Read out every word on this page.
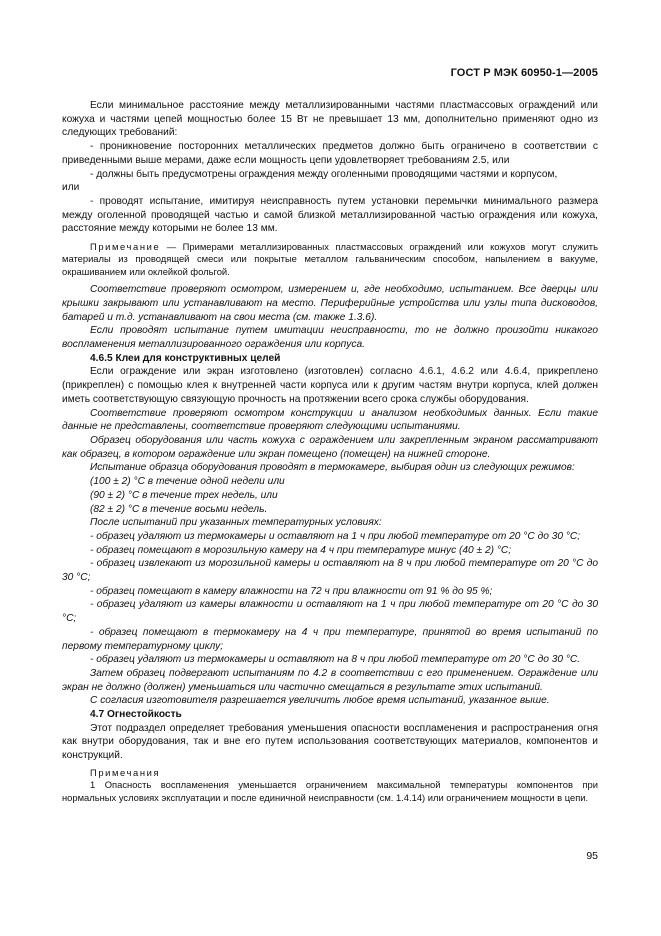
ГОСТ Р МЭК 60950-1—2005

Если минимальное расстояние между металлизированными частями пластмассовых ограждений или кожуха и частями цепей мощностью более 15 Вт не превышает 13 мм, дополнительно применяют одно из следующих требований:

- проникновение посторонних металлических предметов должно быть ограничено в соответствии с приведенными выше мерами, даже если мощность цепи удовлетворяет требованиям 2.5, или

- должны быть предусмотрены ограждения между оголенными проводящими частями и корпусом,

или

- проводят испытание, имитируя неисправность путем установки перемычки минимального размера между оголенной проводящей частью и самой близкой металлизированной частью ограждения или кожуха, расстояние между которыми не более 13 мм.

Примечание — Примерами металлизированных пластмассовых ограждений или кожухов могут служить материалы из проводящей смеси или покрытые металлом гальваническим способом, напылением в вакууме, окрашиванием или оклейкой фольгой.

Соответствие проверяют осмотром, измерением и, где необходимо, испытанием. Все дверцы или крышки закрывают или устанавливают на место. Периферийные устройства или узлы типа дисководов, батарей и т.д. устанавливают на свои места (см. также 1.3.6).

Если проводят испытание путем имитации неисправности, то не должно произойти никакого воспламенения металлизированного ограждения или корпуса.

4.6.5 Клеи для конструктивных целей

Если ограждение или экран изготовлено (изготовлен) согласно 4.6.1, 4.6.2 или 4.6.4, прикреплено (прикреплен) с помощью клея к внутренней части корпуса или к другим частям внутри корпуса, клей должен иметь соответствующую связующую прочность на протяжении всего срока службы оборудования.

Соответствие проверяют осмотром конструкции и анализом необходимых данных. Если такие данные не представлены, соответствие проверяют следующими испытаниями.

Образец оборудования или часть кожуха с ограждением или закрепленным экраном рассматривают как образец, в котором ограждение или экран помещено (помещен) на нижней стороне.

Испытание образца оборудования проводят в термокамере, выбирая один из следующих режимов:

(100 ± 2) °С в течение одной недели или

(90 ± 2) °С в течение трех недель, или

(82 ± 2) °С в течение восьми недель.

После испытаний при указанных температурных условиях:

- образец удаляют из термокамеры и оставляют на 1 ч при любой температуре от 20 °С до 30 °С;

- образец помещают в морозильную камеру на 4 ч при температуре минус (40 ± 2) °С;

- образец извлекают из морозильной камеры и оставляют на 8 ч при любой температуре от 20 °С до 30 °С;

- образец помещают в камеру влажности на 72 ч при влажности от 91 % до 95 %;

- образец удаляют из камеры влажности и оставляют на 1 ч при любой температуре от 20 °С до 30 °С;

- образец помещают в термокамеру на 4 ч при температуре, принятой во время испытаний по первому температурному циклу;

- образец удаляют из термокамеры и оставляют на 8 ч при любой температуре от 20 °С до 30 °С.

Затем образец подвергают испытаниям по 4.2 в соответствии с его применением. Ограждение или экран не должно (должен) уменьшаться или частично смещаться в результате этих испытаний.

С согласия изготовителя разрешается увеличить любое время испытаний, указанное выше.

4.7 Огнестойкость

Этот подраздел определяет требования уменьшения опасности воспламенения и распространения огня как внутри оборудования, так и вне его путем использования соответствующих материалов, компонентов и конструкций.

Примечания

1 Опасность воспламенения уменьшается ограничением максимальной температуры компонентов при нормальных условиях эксплуатации и после единичной неисправности (см. 1.4.14) или ограничением мощности в цепи.

95
